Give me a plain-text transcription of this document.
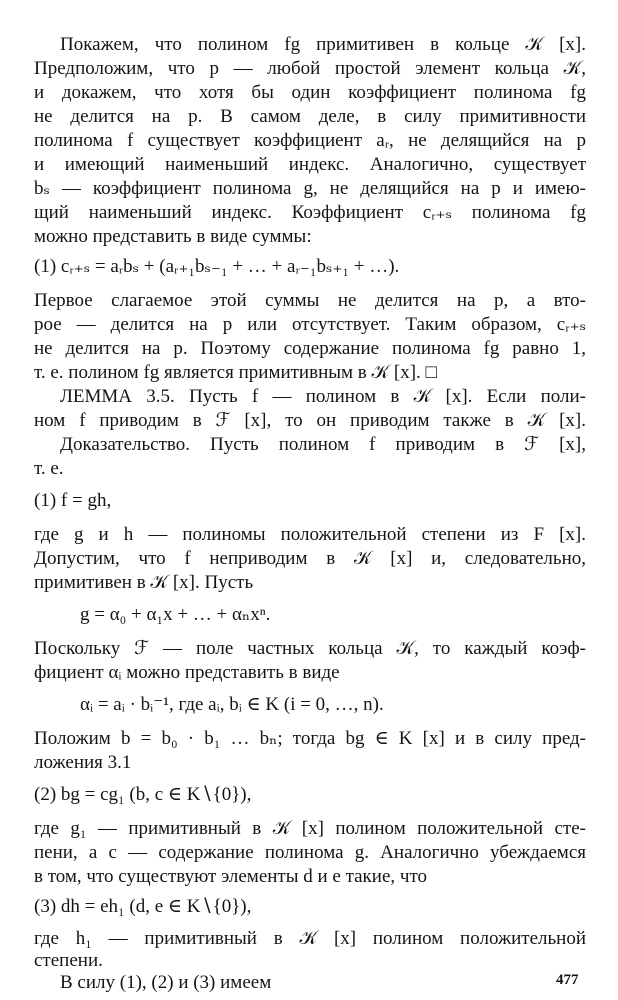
Покажем, что полином fg примитивен в кольце 𝒦 [x].
Предположим, что p — любой простой элемент кольца 𝒦,
и докажем, что хотя бы один коэффициент полинома fg
не делится на p. В самом деле, в силу примитивности
полинома f существует коэффициент aᵣ, не делящийся на p
и имеющий наименьший индекс. Аналогично, существует
bₛ — коэффициент полинома g, не делящийся на p и имею-
щий наименьший индекс. Коэффициент cᵣ₊ₛ полинома fg
можно представить в виде суммы:
(1) cᵣ₊ₛ = aᵣbₛ + (aᵣ₊₁bₛ₋₁ + … + aᵣ₋₁bₛ₊₁ + …).
Первое слагаемое этой суммы не делится на p, а вто-
рое — делится на p или отсутствует. Таким образом, cᵣ₊ₛ
не делится на p. Поэтому содержание полинома fg равно 1,
т. е. полином fg является примитивным в 𝒦 [x]. □
ЛЕММА 3.5. Пусть f — полином в 𝒦 [x]. Если поли-
ном f приводим в ℱ [x], то он приводим также в 𝒦 [x].
Доказательство. Пусть полином f приводим в ℱ [x],
т. е.
(1) f = gh,
где g и h — полиномы положительной степени из F [x].
Допустим, что f неприводим в 𝒦 [x] и, следовательно,
примитивен в 𝒦 [x]. Пусть
g = α₀ + α₁x + … + αₙxⁿ.
Поскольку ℱ — поле частных кольца 𝒦, то каждый коэф-
фициент αᵢ можно представить в виде
αᵢ = aᵢ · bᵢ⁻¹, где aᵢ, bᵢ ∈ K (i = 0, …, n).
Положим b = b₀ · b₁ … bₙ; тогда bg ∈ K [x] и в силу пред-
ложения 3.1
(2) bg = cg₁ (b, c ∈ K∖{0}),
где g₁ — примитивный в 𝒦 [x] полином положительной сте-
пени, а c — содержание полинома g. Аналогично убеждаемся
в том, что существуют элементы d и e такие, что
(3) dh = eh₁ (d, e ∈ K∖{0}),
где h₁ — примитивный в 𝒦 [x] полином положительной
степени.
В силу (1), (2) и (3) имеем	477
